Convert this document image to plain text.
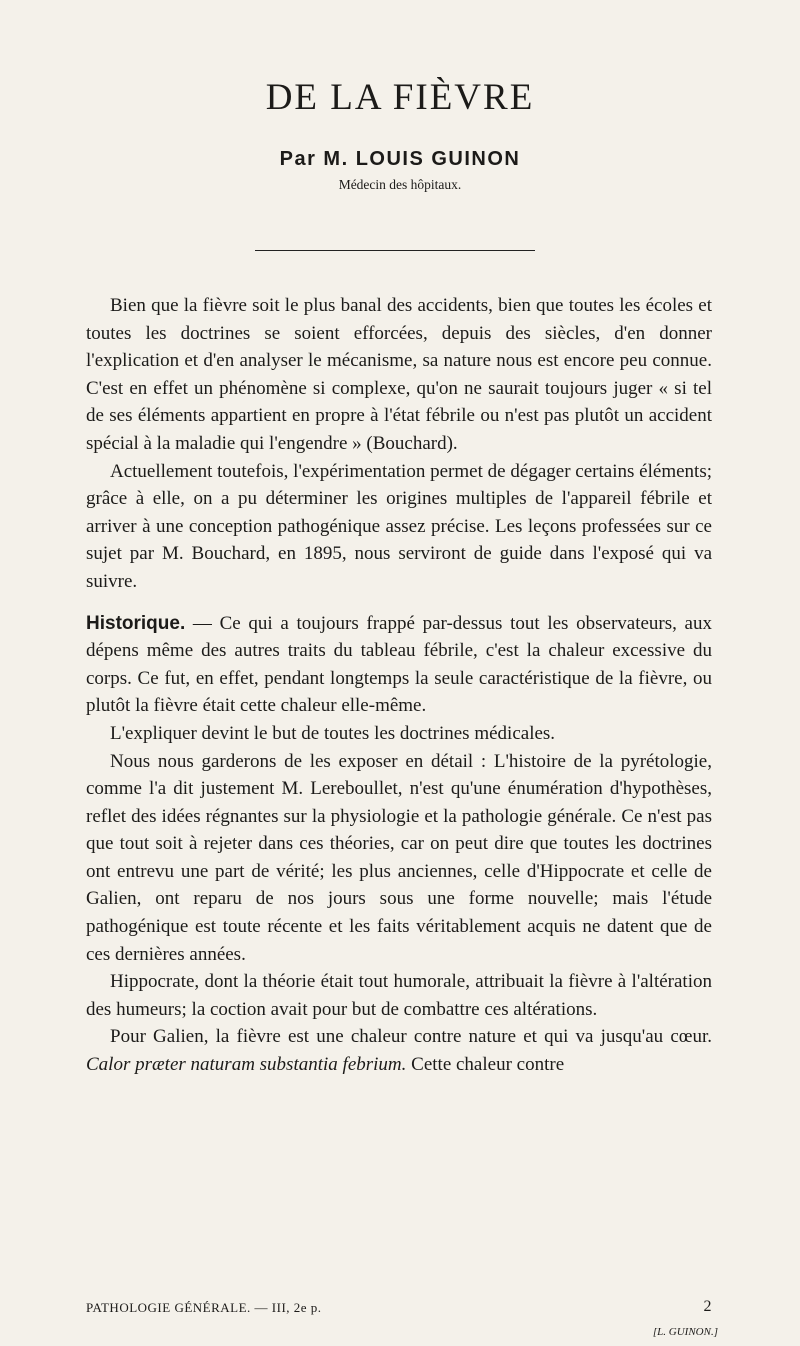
DE LA FIÈVRE
Par M. LOUIS GUINON
Médecin des hôpitaux.

Bien que la fièvre soit le plus banal des accidents, bien que toutes les écoles et toutes les doctrines se soient efforcées, depuis des siècles, d'en donner l'explication et d'en analyser le mécanisme, sa nature nous est encore peu connue. C'est en effet un phénomène si complexe, qu'on ne saurait toujours juger « si tel de ses éléments appartient en propre à l'état fébrile ou n'est pas plutôt un accident spécial à la maladie qui l'engendre » (Bouchard).

Actuellement toutefois, l'expérimentation permet de dégager certains éléments; grâce à elle, on a pu déterminer les origines multiples de l'appareil fébrile et arriver à une conception pathogénique assez précise. Les leçons professées sur ce sujet par M. Bouchard, en 1895, nous serviront de guide dans l'exposé qui va suivre.

Historique. — Ce qui a toujours frappé par-dessus tout les observateurs, aux dépens même des autres traits du tableau fébrile, c'est la chaleur excessive du corps. Ce fut, en effet, pendant longtemps la seule caractéristique de la fièvre, ou plutôt la fièvre était cette chaleur elle-même.

L'expliquer devint le but de toutes les doctrines médicales.

Nous nous garderons de les exposer en détail : L'histoire de la pyrétologie, comme l'a dit justement M. Lereboullet, n'est qu'une énumération d'hypothèses, reflet des idées régnantes sur la physiologie et la pathologie générale. Ce n'est pas que tout soit à rejeter dans ces théories, car on peut dire que toutes les doctrines ont entrevu une part de vérité; les plus anciennes, celle d'Hippocrate et celle de Galien, ont reparu de nos jours sous une forme nouvelle; mais l'étude pathogénique est toute récente et les faits véritablement acquis ne datent que de ces dernières années.

Hippocrate, dont la théorie était tout humorale, attribuait la fièvre à l'altération des humeurs; la coction avait pour but de combattre ces altérations.

Pour Galien, la fièvre est une chaleur contre nature et qui va jusqu'au cœur. Calor præter naturam substantia febrium. Cette chaleur contre

PATHOLOGIE GÉNÉRALE. — III, 2e p.	2
[L. GUINON.]
